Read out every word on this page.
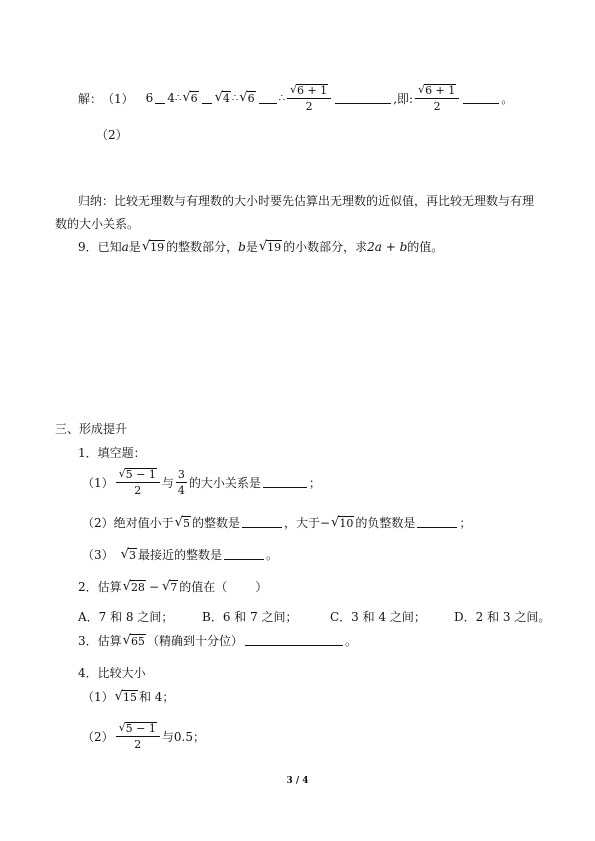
解： （1） 6 4 ∴ √ 6 √ 4 ∴ √ 6 ∴ $\frac{√ 6 + 1}{2}$	,即: $\frac{√ 6 + 1}{2}$	。
（2）
归纳：比较无理数与有理数的大小时要先估算出无理数的近似值，再比较无理数与有理
数的大小关系。
9．已知 a 是 √ 19 的整数部分， b 是 √ 19 的小数部分，求 2a + b 的值。
三、形成提升
1．填空题：
$(1) \frac{√ 5 - 1}{2}$ 与 $\frac{3}{4}$ 的大小关系是	；
（2）绝对值小于 √ 5 的整数是	，大于 − √ 10 的负整数是	；
（3） √ 3 最接近的整数是	。
2．估算 √ 28 − √ 7 的值在（ ）
A．7 和 8 之间；	B．6 和 7 之间；	C．3 和 4 之间；	D．2 和 3 之间。
3．估算 √ 65 （精确到十分位）	。
4．比较大小
（1） √ 15 和 4；
$(2) \frac{√ 5 - 1}{2}$ 与0.5；
3 / 4
